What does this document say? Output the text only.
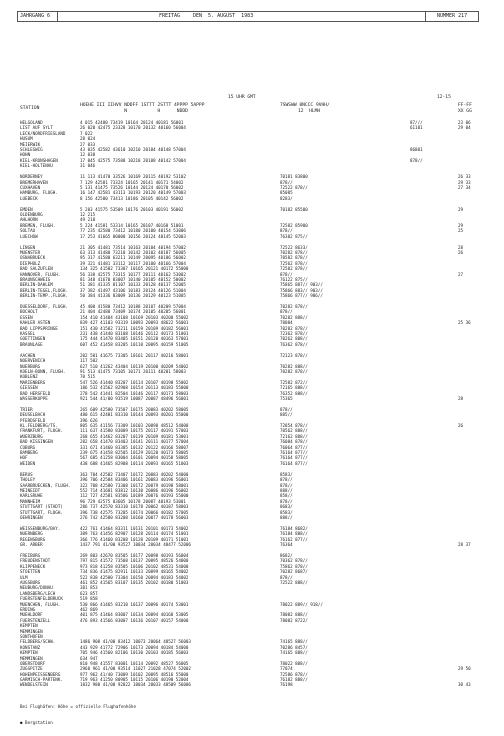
JAHRGANG 6	FREITAG	DEN  5. AUGUST  1983	NUMMER 217
15 UHR GMT	12-15
STATION
HOEHE III IIHVV NDDFF 1STTT 2STTT 4PPPP 5APPP
N           H      NDDD
7SWSWW 8NCCC 9VHH/
12  HLMH
FF-FF
XX GG
HELGOLAND	4 015 42480 73419 10164 20124 40181 56001	87///	23 06
LIST AUF SYLT	26 020 42475 23328 10170 20132 40160 56004	61101	29 04
LECK/NORDFRIESLAND	7 022
HUSUM	28 024
MEIERWIK	27 033
SCHLESWIG	43 035 42582 43610 10210 20104 40148 57004	86801
HOHN	12 038
KIEL-KRONSHAGEN	17 045 42575 73508 10218 20108 40142 57004	878//
KIEL-HOLTENAU	31 046
NORDERNEY	11 113 41470 33526 10169 20115 40192 53102	70181 83800	26 33
BREMERHAVEN	7 129 42581 73324 10165 20141 40171 54002	878//	29 33
CUXHAVEN	5 131 41475 73526 10144 20124 40170 56002	72522 878//	27 34
HAMBURG, FLUGH.	16 147 42581 43113 10193 20120 40149 57003	85085
LUEBECK	8 156 42580 73413 10186 20105 40142 56002	8283/
EMDEN	5 203 41575 53509 10176 20103 40191 56002	70182 85500	29
OLDENBURG	12 215
AHLHORN	49 218
BREMEN, FLUGH.	5 224 41581 53314 10165 20107 40168 51001	72582 85900	29
SOLTAU	77 235 42580 73412 10180 20100 40154 53006	878//	25
LUECHOW	17 253 41665 80000 10156 20124 40145 52003	76382 875//
LINGEN	21 305 41481 73514 10163 20104 40194 57002	72522 8633/	28
MUENSTER	63 313 41480 73210 10142 20102 40187 56005	70282 878//	26
OSNABRUECK	95 317 41580 63211 10149 20095 40186 56002	70582 878//
DIEPHOLZ	39 321 41481 33112 10117 20100 40166 57004	72562 878//
BAD SALZUFLEN	134 325 41582 73307 10165 20121 40172 55000	72582 878//
HANNOVER, FLUGH.	56 338 42575 73315 10177 20111 40162 53002	878//	27
BRAUNSCHWEIG	81 348 41670 83007 10140 20105 40152 50002	76122 875//
BERLIN-DAHLEM	51 381 41335 81107 10133 20128 40137 52005	75865 887// 903//
BERLIN-TEGEL,FLUGH.	37 382 41497 43106 10183 20124 40126 51004	75866 883// 903//
BERLIN-TEMP.,FLUGH.	50 384 41336 83009 10136 20129 40123 51005	75866 877// 906//
DUESSELDORF, FLUGH.	45 400 41580 73412 10188 20107 40209 57004	70282 878//
BOCHOLT	21 404 42480 73409 10174 20105 40205 56001	878//
ESSEN	154 410 41484 43108 10169 20103 40200 55002	70282 888//
KAHLER ASTEN	839 427 41103 93319 10093 20093 48622 56001	78084	25 36
BAD LIPPSPRINGE	151 430 41582 73211 10159 20109 40182 56001	70282 878//
KASSEL	231 438 41440 83108 10146 20112 40173 51001	72362 878//
GOETTINGEN	175 444 41470 83405 10151 20120 40163 57001	70262 888//
BRAUNLAGE	607 452 41458 83205 10110 20095 40159 51005	76362 878//
AACHEN	202 501 41675 73305 10161 20117 40216 58001	72123 878//
NOERVENICH	117 502
NUERBURG	627 510 41262 43404 10119 20100 40209 54002	70282 888//
KOELN-BONN, FLUGH.	91 513 41475 73105 10171 20111 40201 58003	70282 878//
KOBLENZ	70 515
MARIENBERG	547 526 41440 83207 10114 20107 40190 55002	72582 872//
GIESSEN	186 532 41562 82908 10154 20113 40183 55000	72165 888//
BAD HERSFELD	278 542 41441 82504 10146 20117 40173 58003	76352 888//
WASSERKUPPE	921 544 41/00 93519 10087 20087 48496 56001	75365	28
TRIER	265 609 42580 73507 10175 20083 40202 58005	878//
DEUSELBACH	480 615 42481 83310 10144 20093 40201 55000	885//
PFERDSFELD	396 626
KL.FELDBERG/TS.	805 635 41156 73309 10103 20098 48512 54000	72854 878//	26
FRANKFURT, FLUGH.	111 637 41580 83009 10175 20117 40191 57003	70562 888//
WUERZBURG	268 655 41462 83207 10139 20109 40181 53001	72162 888//
BAD KISSINGEN	282 658 41470 83403 10141 20111 40177 57004	76084 878//
COBURG	331 671 41460 83305 10132 20122 40166 58007	76064 877//
BAMBERG	239 675 41458 82505 10129 20120 40173 58005	76164 877//
HOF	567 685 41258 83004 10101 20094 40158 58005	76164 877//
WEIDEN	438 688 41465 82908 10114 20093 40165 51003	76164 877//
BERUS	363 704 42582 73407 10172 20083 40202 54000	8583/
THOLEY	396 706 42584 83406 10161 20083 40196 56001	878//
SAARBRUECKEN, FLUGH.	322 708 42580 73308 10172 20079 40198 58001	878//
MEINEIDT	552 714 41681 83812 10130 20086 40196 56002	888//
KARLSRUHE	112 727 42581 83506 10189 20076 40193 55000	858//
MANNHEIM	96 729 42575 83605 10178 20087 40193 53001	878//
STUTTGART (STADT)	286 737 42570 83310 10178 20062 40187 58003	8683/
STUTTGART, FLUGH.	396 738 42575 73205 10174 20066 40182 57005	8583/
OEHRINGEN	276 742 42580 83208 10160 20077 40178 56003	888//
WEISSENBURG/BAY.	422 761 41464 83311 10131 20101 40173 54002	76184 8682/
NUERNBERG	309 763 41456 82907 10128 20114 40174 51001	76184 888//
REGENSBURG	366 776 41460 83208 10120 20109 40171 51001	76162 877//
GR. ARBER	1437 791 41/00 93527 10034 20034 48477 52006	76364	28 37
FREIBURG	269 803 42670 83505 10177 20098 40193 56004	8682/
FREUDENSTADT	797 815 41572 73508 10137 20095 48526 54000	70362 878//
KLIPPENECK	973 818 41258 83505 10106 20102 48531 54000	75862 878//
STOETTEN	734 836 41475 82911 10133 20099 48165 54002	70282 8687/
ULM	522 838 42580 73304 10150 20094 40183 54002	878//
AUGSBURG	461 852 41565 83107 10135 20102 40180 51003	72522 888//
NEUBURG/DONAU	381 853
LANDSBERG/LECH	623 857
FUERSTENFELDBRUCK	519 858
MUENCHEN, FLUGH.	530 866 41465 83210 10137 20096 40174 53001	78022 889// 918//
ERDING	462 869
MUEHLDORF	401 875 41464 83007 10134 20094 40168 53005	78082 888//
FUERSTENZELL	476 893 41566 83007 10136 20107 40157 54000	78082 8722/
KEMPTEN
MEMMINGEN
SONTHOFEN
FELDBERG/SCHW.	1486 908 41/00 83412 10073 20064 48527 56003	74165 888//
KONSTANZ	443 929 41772 72906 10173 20094 40184 54000	70286 8457/
KEMPTEN	705 946 41560 82106 10130 20103 40185 56003	74165 888//
MEMMINGEN	634 947
OBERSTDORF	810 948 41557 83001 10114 20092 48527 56005	78022 888//
ZUGSPITZE	2960 961 41/00 93514 11027 21028 47074 52002	77074	29 50
HOHENPEISSENBERG	977 962 41/40 73009 10102 20095 48516 55000	72586 878//
GARMISCH-PARTENK.	719 963 41250 80905 10115 20106 40190 52004	76182 888//
WENDELSTEIN	1832 980 41/00 92822 10034 20033 48509 56006	76198	30 43

Bei Flughäfen: Höhe = offizielle Flughafenhöhe

● Bergstation
